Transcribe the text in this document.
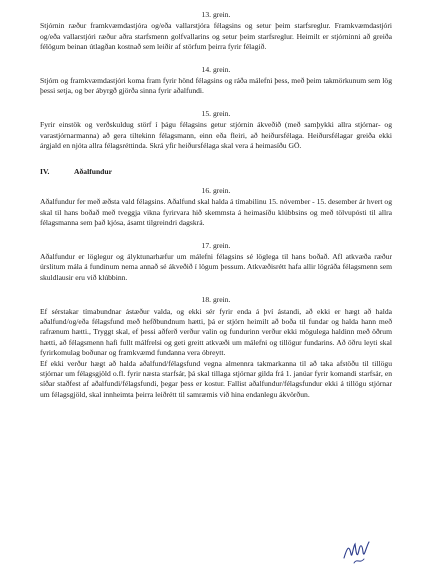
13. grein.

Stjórnin ræður framkvæmdastjóra og/eða vallarstjóra félagsins og setur þeim starfsreglur. Framkvæmdastjóri og/eða vallarstjóri ræður aðra starfsmenn golfvallarins og setur þeim starfsreglur. Heimilt er stjórninni að greiða félögum beinan útlagðan kostnað sem leiðir af störfum þeirra fyrir félagið.

14. grein.

Stjórn og framkvæmdastjóri koma fram fyrir hönd félagsins og ráða málefni þess, með þeim takmörkunum sem lög þessi setja, og ber ábyrgð gjörða sinna fyrir aðalfundi.

15. grein.

Fyrir einstök og verðskuldug störf í þágu félagsins getur stjórnin ákveðið (með samþykki allra stjórnar- og varastjórnarmanna) að gera tiltekinn félagsmann, einn eða fleiri, að heiðursfélaga. Heiðursfélagar greiða ekki árgjald en njóta allra félagsréttinda. Skrá yfir heiðursfélaga skal vera á heimasíðu GÖ.

IV.	Aðalfundur
16. grein.

Aðalfundur fer með æðsta vald félagsins. Aðalfund skal halda á tímabilinu 15. nóvember - 15. desember ár hvert og skal til hans boðað með tveggja vikna fyrirvara hið skemmsta á heimasíðu klúbbsins og með tölvupósti til allra félagsmanna sem það kjósa, ásamt tilgreindri dagskrá.

17. grein.

Aðalfundur er löglegur og ályktunarhæfur um málefni félagsins sé löglega til hans boðað. Afl atkvæða ræður úrslitum mála á fundinum nema annað sé ákveðið í lögum þessum. Atkvæðisrétt hafa allir lögráða félagsmenn sem skuldlausir eru við klúbbinn.

18. grein.

Ef sérstakar tímabundnar ástæður valda, og ekki sér fyrir enda á því ástandi, að ekki er hægt að halda aðalfund/og/eða félagsfund með hefðbundnum hætti, þá er stjórn heimilt að boða til fundar og halda hann með rafrænum hætti., Tryggt skal, ef þessi aðferð verður valin og fundurinn verður ekki mögulega haldinn með öðrum hætti, að félagsmenn hafi fullt málfrelsi og geti greitt atkvæði um málefni og tillögur fundarins. Að öðru leyti skal fyrirkomulag boðunar og framkvæmd fundanna vera óbreytt.

Ef ekki verður hægt að halda aðalfund/félagsfund vegna almennra takmarkanna til að taka afstöðu til tillögu stjórnar um félagsgjöld o.fl. fyrir næsta starfsár, þá skal tillaga stjórnar gilda frá 1. janúar fyrir komandi starfsár, en síðar staðfest af aðalfundi/félagsfundi, þegar þess er kostur. Fallist aðalfundur/félagsfundur ekki á tillögu stjórnar um félagsgjöld, skal innheimta þeirra leiðrétt til samræmis við hina endanlegu ákvörðun.
